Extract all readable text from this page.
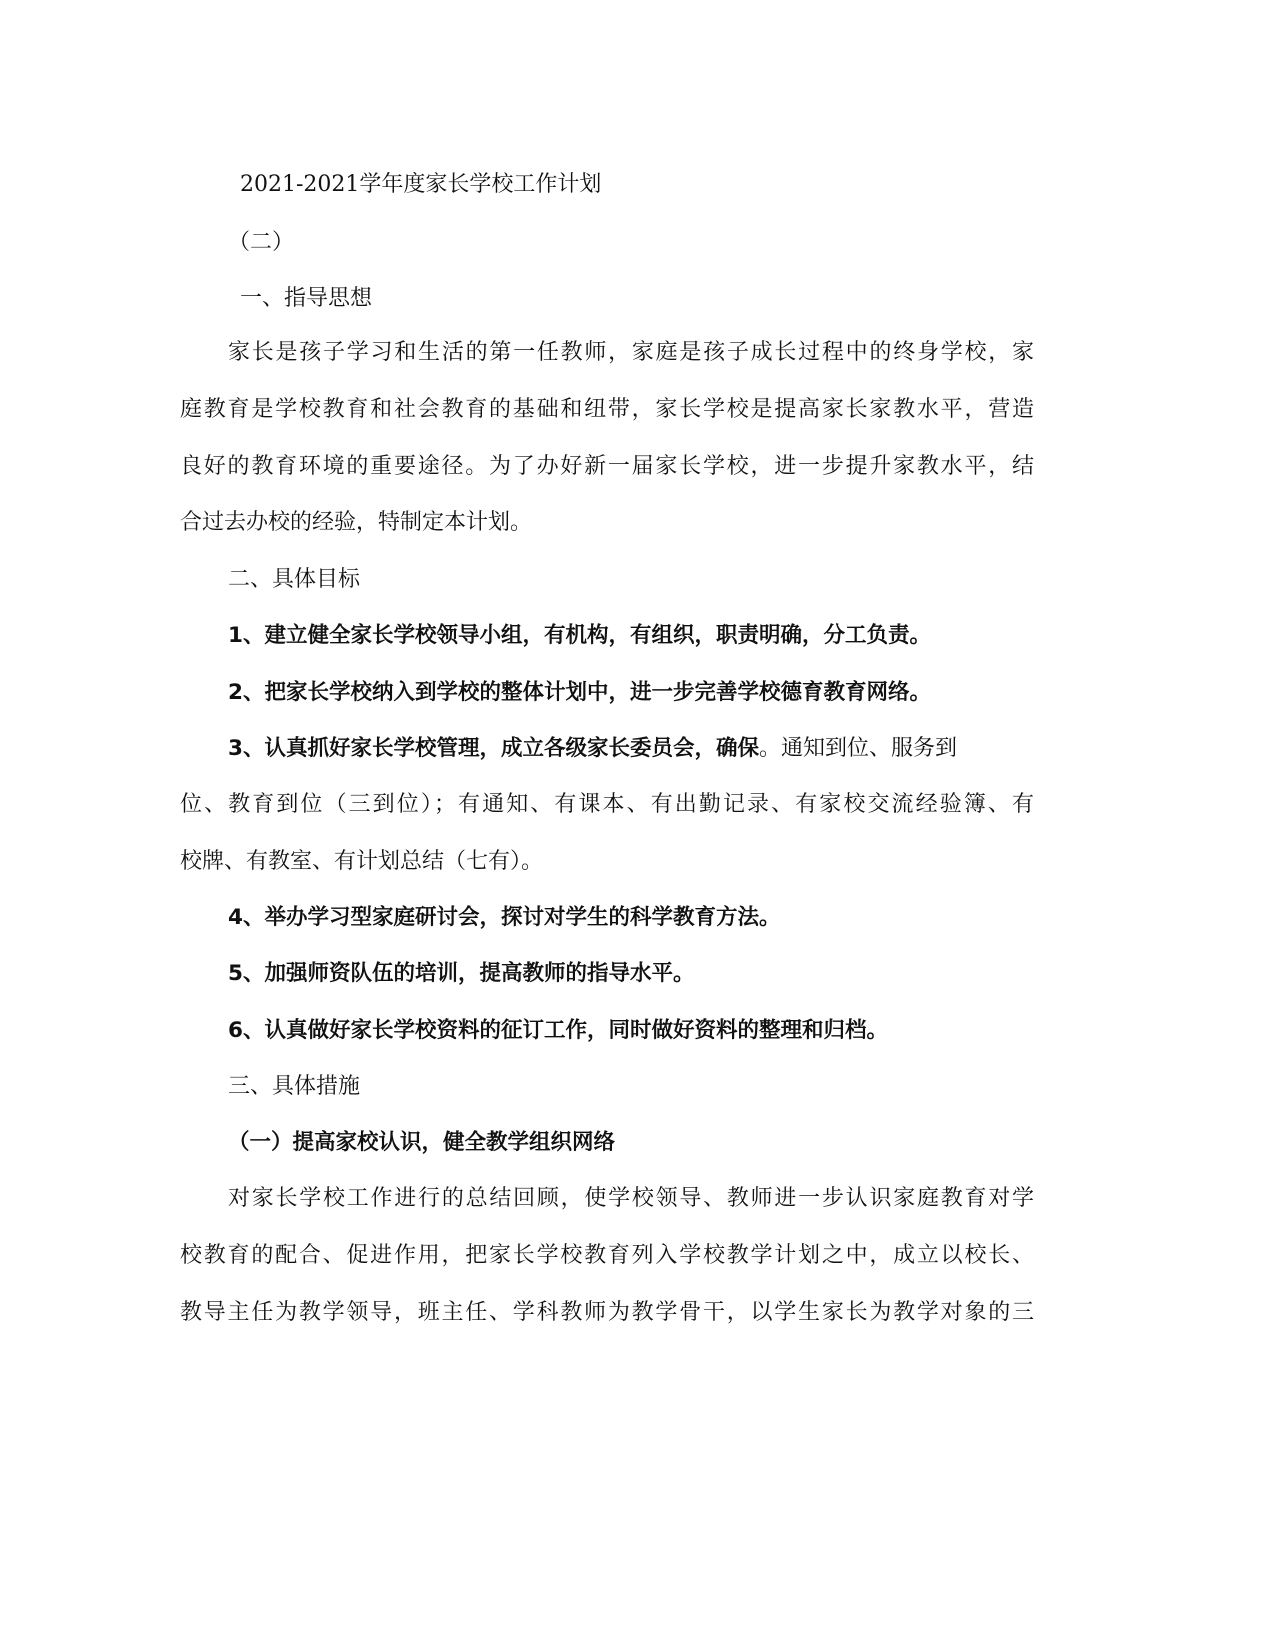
2021-2021学年度家长学校工作计划
（二）
一、指导思想
家长是孩子学习和生活的第一任教师，家庭是孩子成长过程中的终身学校，家
庭教育是学校教育和社会教育的基础和纽带，家长学校是提高家长家教水平，营造
良好的教育环境的重要途径。为了办好新一届家长学校，进一步提升家教水平，结
合过去办校的经验，特制定本计划。
二、具体目标
1、建立健全家长学校领导小组，有机构，有组织，职责明确，分工负责。
2、把家长学校纳入到学校的整体计划中，进一步完善学校德育教育网络。
3、认真抓好家长学校管理，成立各级家长委员会，确保。通知到位、服务到
位、教育到位（三到位）；有通知、有课本、有出勤记录、有家校交流经验簿、有
校牌、有教室、有计划总结（七有）。
4、举办学习型家庭研讨会，探讨对学生的科学教育方法。
5、加强师资队伍的培训，提高教师的指导水平。
6、认真做好家长学校资料的征订工作，同时做好资料的整理和归档。
三、具体措施
（一）提高家校认识，健全教学组织网络
对家长学校工作进行的总结回顾，使学校领导、教师进一步认识家庭教育对学
校教育的配合、促进作用，把家长学校教育列入学校教学计划之中，成立以校长、
教导主任为教学领导，班主任、学科教师为教学骨干，以学生家长为教学对象的三
